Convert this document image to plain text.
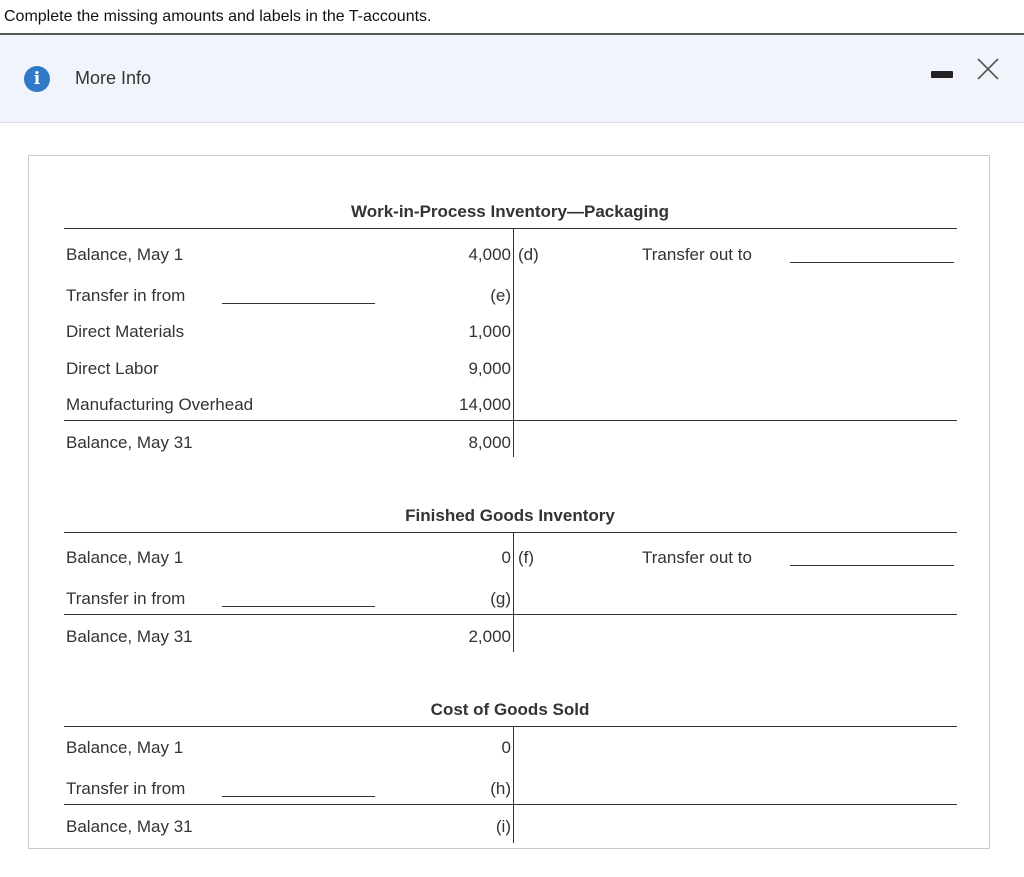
Complete the missing amounts and labels in the T-accounts.
i	More Info
Work-in-Process Inventory—Packaging
Balance, May 1	4,000 (d)	Transfer out to
Transfer in from	(e)
Direct Materials	1,000
Direct Labor	9,000
Manufacturing Overhead	14,000
Balance, May 31	8,000
Finished Goods Inventory
Balance, May 1	0 (f)	Transfer out to
Transfer in from	(g)
Balance, May 31	2,000
Cost of Goods Sold
Balance, May 1	0
Transfer in from	(h)
Balance, May 31	(i)
